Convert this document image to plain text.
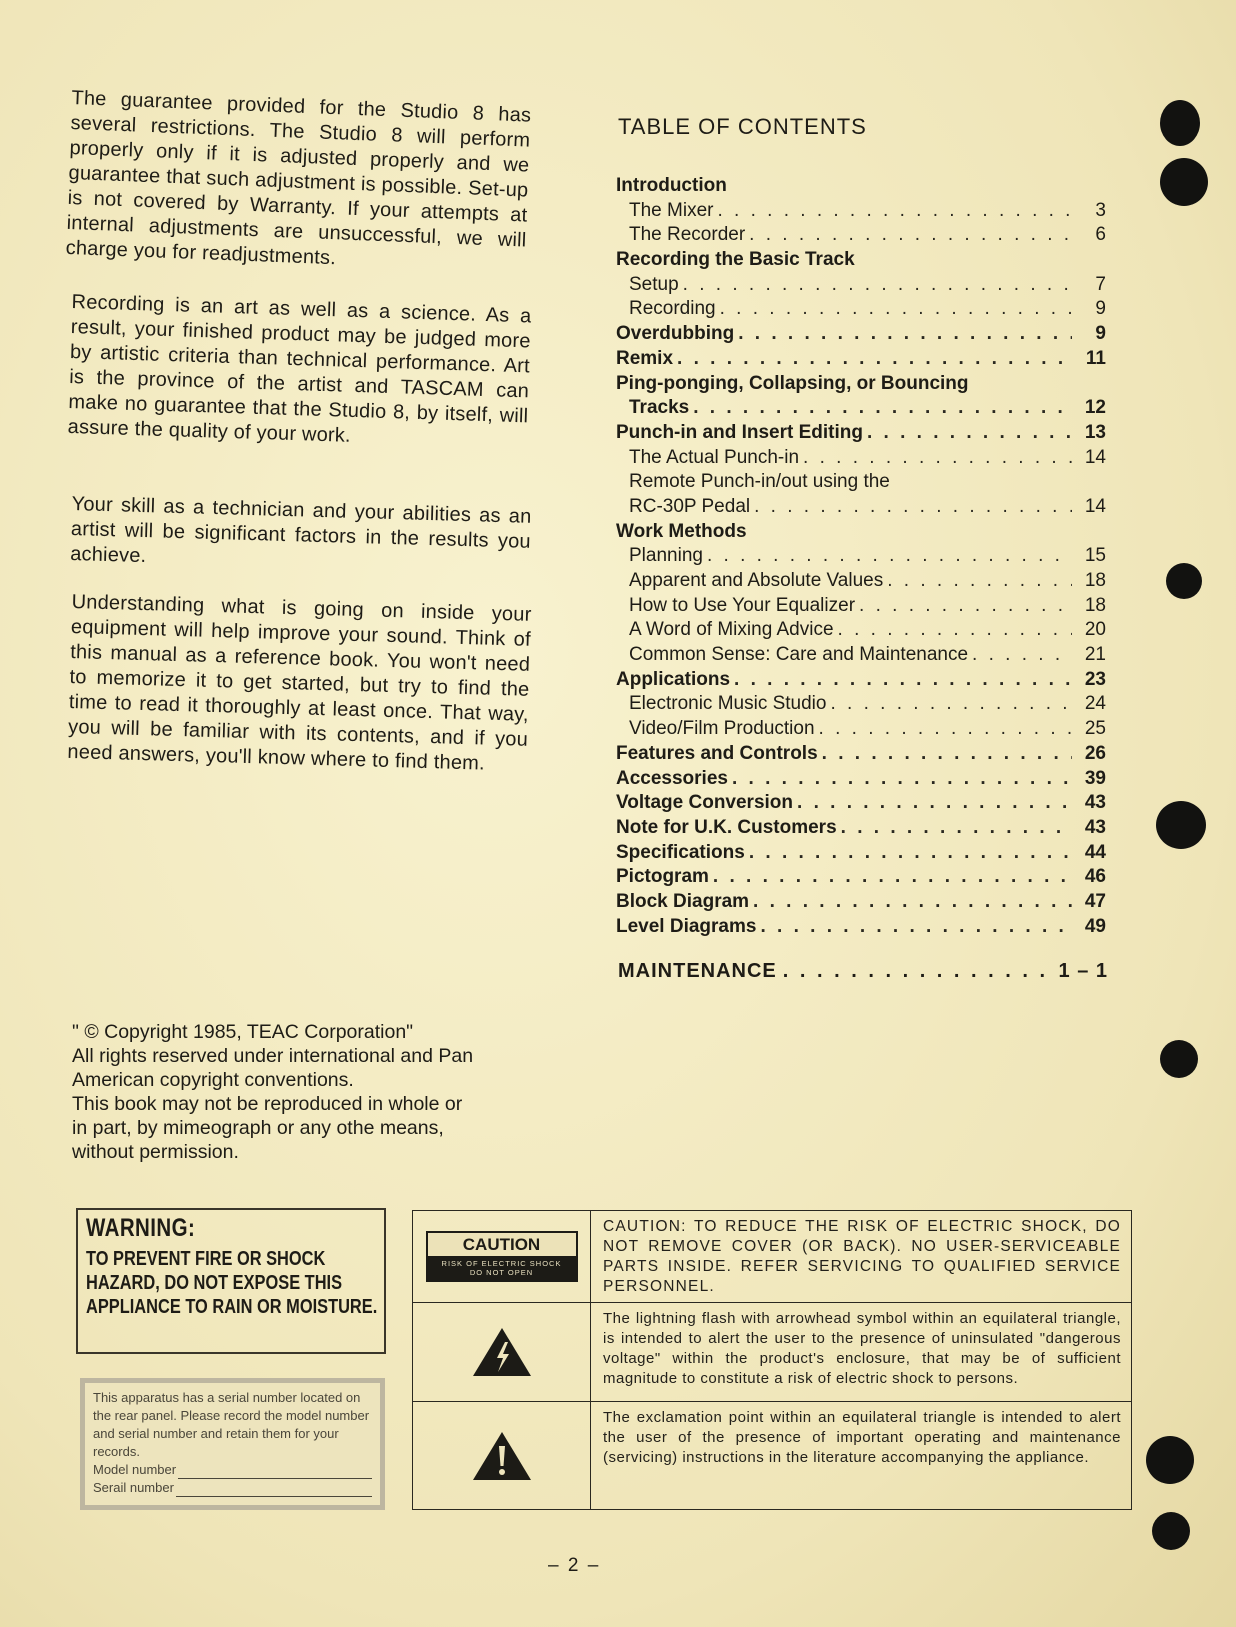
The guarantee provided for the Studio 8 has several restrictions. The Studio 8 will perform properly only if it is adjusted properly and we guarantee that such adjustment is possible. Set-up is not covered by Warranty. If your attempts at internal adjustments are unsuccessful, we will charge you for readjustments.

Recording is an art as well as a science. As a result, your finished product may be judged more by artistic criteria than technical performance. Art is the province of the artist and TASCAM can make no guarantee that the Studio 8, by itself, will assure the quality of your work.

Your skill as a technician and your abilities as an artist will be significant factors in the results you achieve.

Understanding what is going on inside your equipment will help improve your sound. Think of this manual as a reference book. You won't need to memorize it to get started, but try to find the time to read it thoroughly at least once. That way, you will be familiar with its contents, and if you need answers, you'll know where to find them.

TABLE OF CONTENTS
Introduction
The Mixer . . .	3
The Recorder . . .	6
Recording the Basic Track
Setup . . .	7
Recording . . .	9
Overdubbing . . .	9
Remix . . .	11
Ping-ponging, Collapsing, or Bouncing
Tracks . . .	12
Punch-in and Insert Editing . . .	13
The Actual Punch-in . . .	14
Remote Punch-in/out using the
RC-30P Pedal . . .	14
Work Methods
Planning . . .	15
Apparent and Absolute Values . . .	18
How to Use Your Equalizer . . .	18
A Word of Mixing Advice . . .	20
Common Sense: Care and Maintenance . . .	21
Applications . . .	23
Electronic Music Studio . . .	24
Video/Film Production . . .	25
Features and Controls . . .	26
Accessories . . .	39
Voltage Conversion . . .	43
Note for U.K. Customers . . .	43
Specifications . . .	44
Pictogram . . .	46
Block Diagram . . .	47
Level Diagrams . . .	49
MAINTENANCE . . .	1 – 1
" © Copyright 1985, TEAC Corporation"
All rights reserved under international and Pan
American copyright conventions.
This book may not be reproduced in whole or
in part, by mimeograph or any othe means,
without permission.
WARNING:
TO PREVENT FIRE OR SHOCK HAZARD, DO NOT EXPOSE THIS APPLIANCE TO RAIN OR MOISTURE.
This apparatus has a serial number located on the rear panel. Please record the model number and serial number and retain them for your records.
Model number
Serail number
CAUTION
RISK OF ELECTRIC SHOCK
DO NOT OPEN
CAUTION: TO REDUCE THE RISK OF ELECTRIC SHOCK, DO NOT REMOVE COVER (OR BACK). NO USER-SERVICEABLE PARTS INSIDE. REFER SERVICING TO QUALIFIED SERVICE PERSONNEL.
The lightning flash with arrowhead symbol within an equilateral triangle, is intended to alert the user to the presence of uninsulated "dangerous voltage" within the product's enclosure, that may be of sufficient magnitude to constitute a risk of electric shock to persons.
The exclamation point within an equilateral triangle is intended to alert the user of the presence of important operating and maintenance (servicing) instructions in the literature accompanying the appliance.
– 2 –
